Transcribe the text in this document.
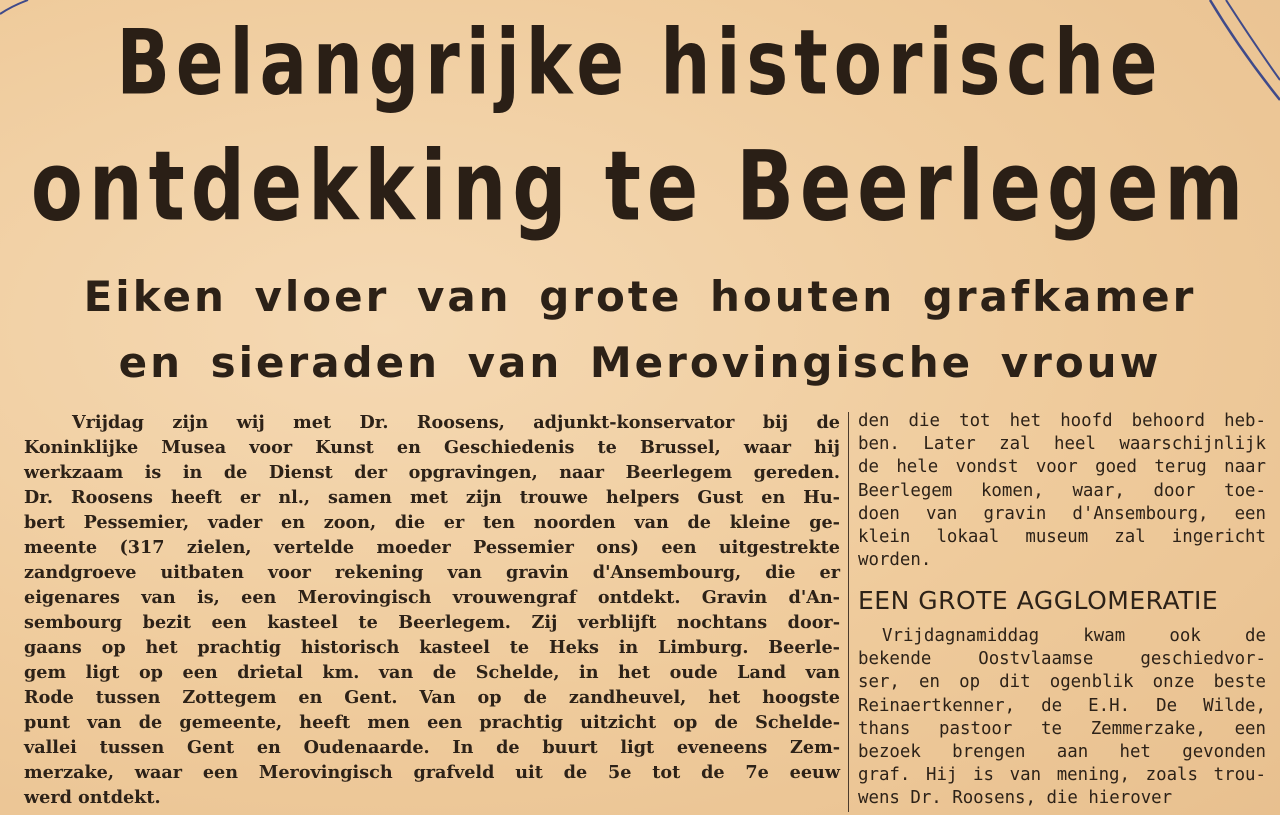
Belangrijke historische
ontdekking te Beerlegem
Eiken vloer van grote houten grafkamer
en sieraden van Merovingische vrouw
Vrijdag zijn wij met Dr. Roosens, adjunkt-konservator bij de
Koninklijke Musea voor Kunst en Geschiedenis te Brussel, waar hij
werkzaam is in de Dienst der opgravingen, naar Beerlegem gereden.
Dr. Roosens heeft er nl., samen met zijn trouwe helpers Gust en Hu-
bert Pessemier, vader en zoon, die er ten noorden van de kleine ge-
meente (317 zielen, vertelde moeder Pessemier ons) een uitgestrekte
zandgroeve uitbaten voor rekening van gravin d'Ansembourg, die er
eigenares van is, een Merovingisch vrouwengraf ontdekt. Gravin d'An-
sembourg bezit een kasteel te Beerlegem. Zij verblijft nochtans door-
gaans op het prachtig historisch kasteel te Heks in Limburg. Beerle-
gem ligt op een drietal km. van de Schelde, in het oude Land van
Rode tussen Zottegem en Gent. Van op de zandheuvel, het hoogste
punt van de gemeente, heeft men een prachtig uitzicht op de Schelde-
vallei tussen Gent en Oudenaarde. In de buurt ligt eveneens Zem-
merzake, waar een Merovingisch grafveld uit de 5e tot de 7e eeuw
werd ontdekt.
den die tot het hoofd behoord heb-
ben. Later zal heel waarschijnlijk
de hele vondst voor goed terug naar
Beerlegem komen, waar, door toe-
doen van gravin d'Ansembourg, een
klein lokaal museum zal ingericht
worden.
EEN GROTE AGGLOMERATIE
Vrijdagnamiddag kwam ook de
bekende Oostvlaamse geschiedvor-
ser, en op dit ogenblik onze beste
Reinaertkenner, de E.H. De Wilde,
thans pastoor te Zemmerzake, een
bezoek brengen aan het gevonden
graf. Hij is van mening, zoals trou-
wens Dr. Roosens, die hierover
